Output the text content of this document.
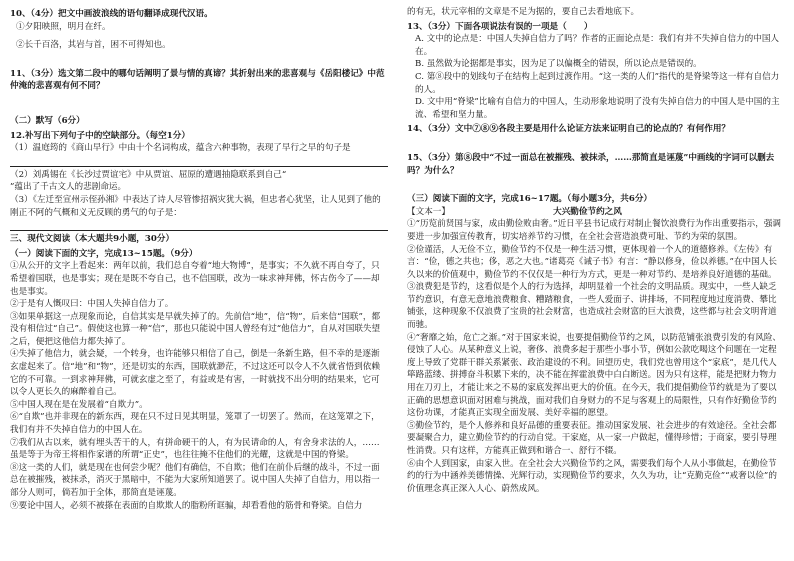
10、（4分）把文中画波浪线的语句翻译成现代汉语。

①夕阳映照，明月在纤。

②长千百洛，其岩与首，困不可得知也。

11、（3分）选文第二段中的哪句话阐明了景与情的真谛？其折射出来的悲喜观与《岳阳楼记》中范仲淹的悲喜观有何不同？

（二）默写（6分）

12.补写出下列句子中的空缺部分。（每空1分）

（1）温庭筠的《商山早行》中由十个名词构成，蕴含六种事物，表现了早行之早的句子是

（2）刘禹锡在《长沙过贾谊宅》中从贾谊、屈原的遭遇抽隐联系到自己“

”蕴出了千古文人的悲剧命运。

（3）《左迁至宣州示侄孙湘》中表达了诗人尽管惨招祸灾犹大祸，但忠者心犹坚，让人见到了他的刚正不阿的气概和义无反顾的勇气的句子是：

三、现代文阅读（本大题共9小题，30分）

（一）阅读下面的文字，完成13~15题。（9分）

①从公开的文字上看起来：两年以前，我们总自夸着“地大物博”，是事实；不久就不再自夸了，只希望着国联，也是事实；现在是既不夸自己，也不信国联，改为一味求神拜佛，怀古伤今了——却也是事实。

②于是有人慨叹曰：中国人失掉自信力了。

③如果单据这一点现象而论，自信其实是早就失掉了的。先前信“地”，信“物”，后来信“国联”，都没有相信过“自己”。假使这也算一种“信”，那也只能说中国人曾经有过“他信力”，自从对国联失望之后，便把这他信力都失掉了。

④失掉了他信力，就会疑，一个转身，也许能够只相信了自己，倒是一条新生路，但不幸的是逐渐玄虚起来了。信“地”和“物”，还是切实的东西，国联就渺茫，不过这还可以令人不久就省悟到依赖它的不可靠。一到求神拜佛，可就玄虚之至了，有益或是有害，一时就找不出分明的结果来，它可以令人更长久的麻醉着自己。

⑤中国人现在是在发展着“自欺力”。

⑥“自欺”也并非现在的新东西，现在只不过日见其明显，笼罩了一切罢了。然而，在这笼罩之下，我们有并不失掉自信力的中国人在。

⑦我们从古以来，就有埋头苦干的人，有拼命硬干的人，有为民请命的人，有舍身求法的人，……虽是等于为帝王将相作家谱的所谓“正史”，也往往掩不住他们的光耀，这就是中国的脊梁。

⑧这一类的人们，就是现在也何尝少呢？他们有确信，不自欺；他们在前仆后继的战斗，不过一面总在被摧残，被抹杀，消灭于黑暗中，不能为大家所知道罢了。说中国人失掉了自信力，用以指一部分人则可，倘若加于全体，那简直是诬蔑。

⑨要论中国人，必须不被搽在表面的自欺欺人的脂粉所诓骗，却看看他的筋骨和脊梁。自信力

的有无，状元宰相的文章是不足为据的，要自己去看地底下。

13、（3分）下面各项说法有误的一项是（　　）

A. 文中的论点是：中国人失掉自信力了吗？作者的正面论点是：我们有并不失掉自信力的中国人在。

B. 虽然做为论据都是事实，因为足了以偏概全的错误，所以论点是错误的。

C. 第⑧段中的划线句子在结构上起到过渡作用。“这一类的人们”指代的是脊梁等这一样有自信力的人。

D. 文中用“脊梁”比喻有自信力的中国人，生动形象地说明了没有失掉自信力的中国人是中国的主流、希望和坚力量。

14、（3分）文中⑦⑧⑨各段主要是用什么论证方法来证明自己的论点的？有何作用？

15、（3分）第⑧段中“不过一面总在被摧残、被抹杀，……那简直是诬蔑”中画线的字词可以删去吗？为什么？

（三）阅读下面的文字，完成16~17题。（每小题3分，共6分）

【文本一】	大兴勤俭节约之风

①“历览前贤国与家，成由勤俭败由奢。”近日平县书记成行对制止餐饮浪费行为作出重要指示，强调要进一步加强宣传教育，切实培养节约习惯，在全社会营造浪费可耻、节约为荣的氛围。

②俭谨活，人无俭不立，勤俭节约不仅是一种生活习惯，更体现着一个人的道德修养。《左传》有言：“俭，德之共也；侈，恶之大也。”诸葛亮《诫子书》有言：“静以修身，俭以养德。”在中国人长久以来的价值观中，勤俭节约不仅仅是一种行为方式，更是一种对节约、是培养良好道德的基础。

③浪费犯是节约，这看似是个人的行为选择，却明显着一个社会的文明品质。现实中，一些人缺乏节约意识，有意无意地浪费粮食、糟踏粮食，一些人爱面子、讲排场，不同程度地过度消费、攀比铺张，这种现象不仅浪费了宝贵的社会财富，也造成社会财富的巨大浪费，这些都与社会文明背道而驰。

④“奢靡之始，危亡之渐。”对于国家来说，也要提倡勤俭节约之风，以防范铺张浪费引发的有风险、侵蚀了人心。从某种意义上说，奢侈、浪费多起于那些小事小节，例如公款吃喝这个问题在一定程度上导致了党群干群关系紧张、政治建设的不利。回望历史，我们党也曾用这个“家底”，是几代人筚路蓝缕、拼搏奋斗积累下来的，决不能在挥霍浪费中白白断送。因为只有这样，能是把财力物力用在刀刃上，才能让来之不易的家底发挥出更大的价值。在今天，我们提倡勤俭节约就是为了要以正确的思想意识面对困难与挑战，面对我们自身财力的不足与客观上的局限性，只有作好勤俭节约这份功课，才能真正实现全面发展、美好幸福的愿望。

⑤勤俭节约，是个人修养和良好品德的重要表征。推动国家发展、社会进步的有效途径。全社会都要凝聚合力，建立勤俭节约的行动自觉。干家庭，从一家一户做起，懂得珍惜；于商家，要引导理性消费。只有这样，方能真正做到和谐合一、舒行不辍。

⑥由个人到国家，由家入世。在全社会大兴勤俭节约之风，需要我们每个人从小事做起，在勤俭节约的行为中涵养美德情操、光辉行动，实现勤俭节约要求，久久为功，让“克勤克俭”“戒奢以俭”的价值理念真正深入人心、蔚然成风。
